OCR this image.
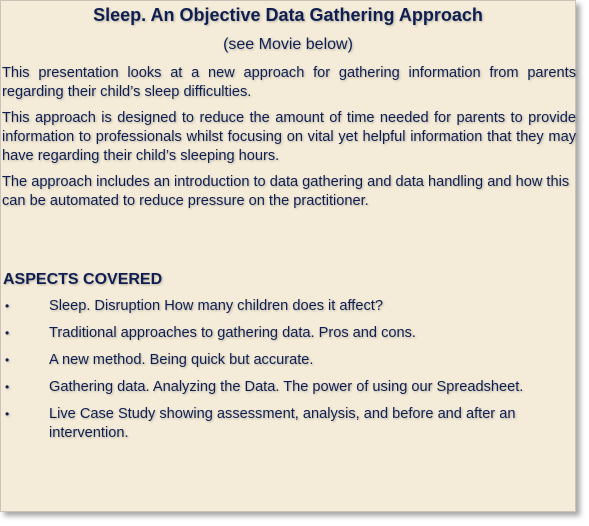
Sleep. An Objective Data Gathering Approach
(see Movie below)

This presentation looks at a new approach for gathering information from parents regarding their child’s sleep difficulties.

This approach is designed to reduce the amount of time needed for parents to provide information to professionals whilst focusing on vital yet helpful information that they may have regarding their child’s sleeping hours.

The approach includes an introduction to data gathering and data handling and how this can be automated to reduce pressure on the practitioner.

ASPECTS COVERED
•	Sleep. Disruption How many children does it affect?
•	Traditional approaches to gathering data. Pros and cons.
•	A new method. Being quick but accurate.
•	Gathering data. Analyzing the Data. The power of using our Spreadsheet.
•	Live Case Study showing assessment, analysis, and before and after an intervention.
